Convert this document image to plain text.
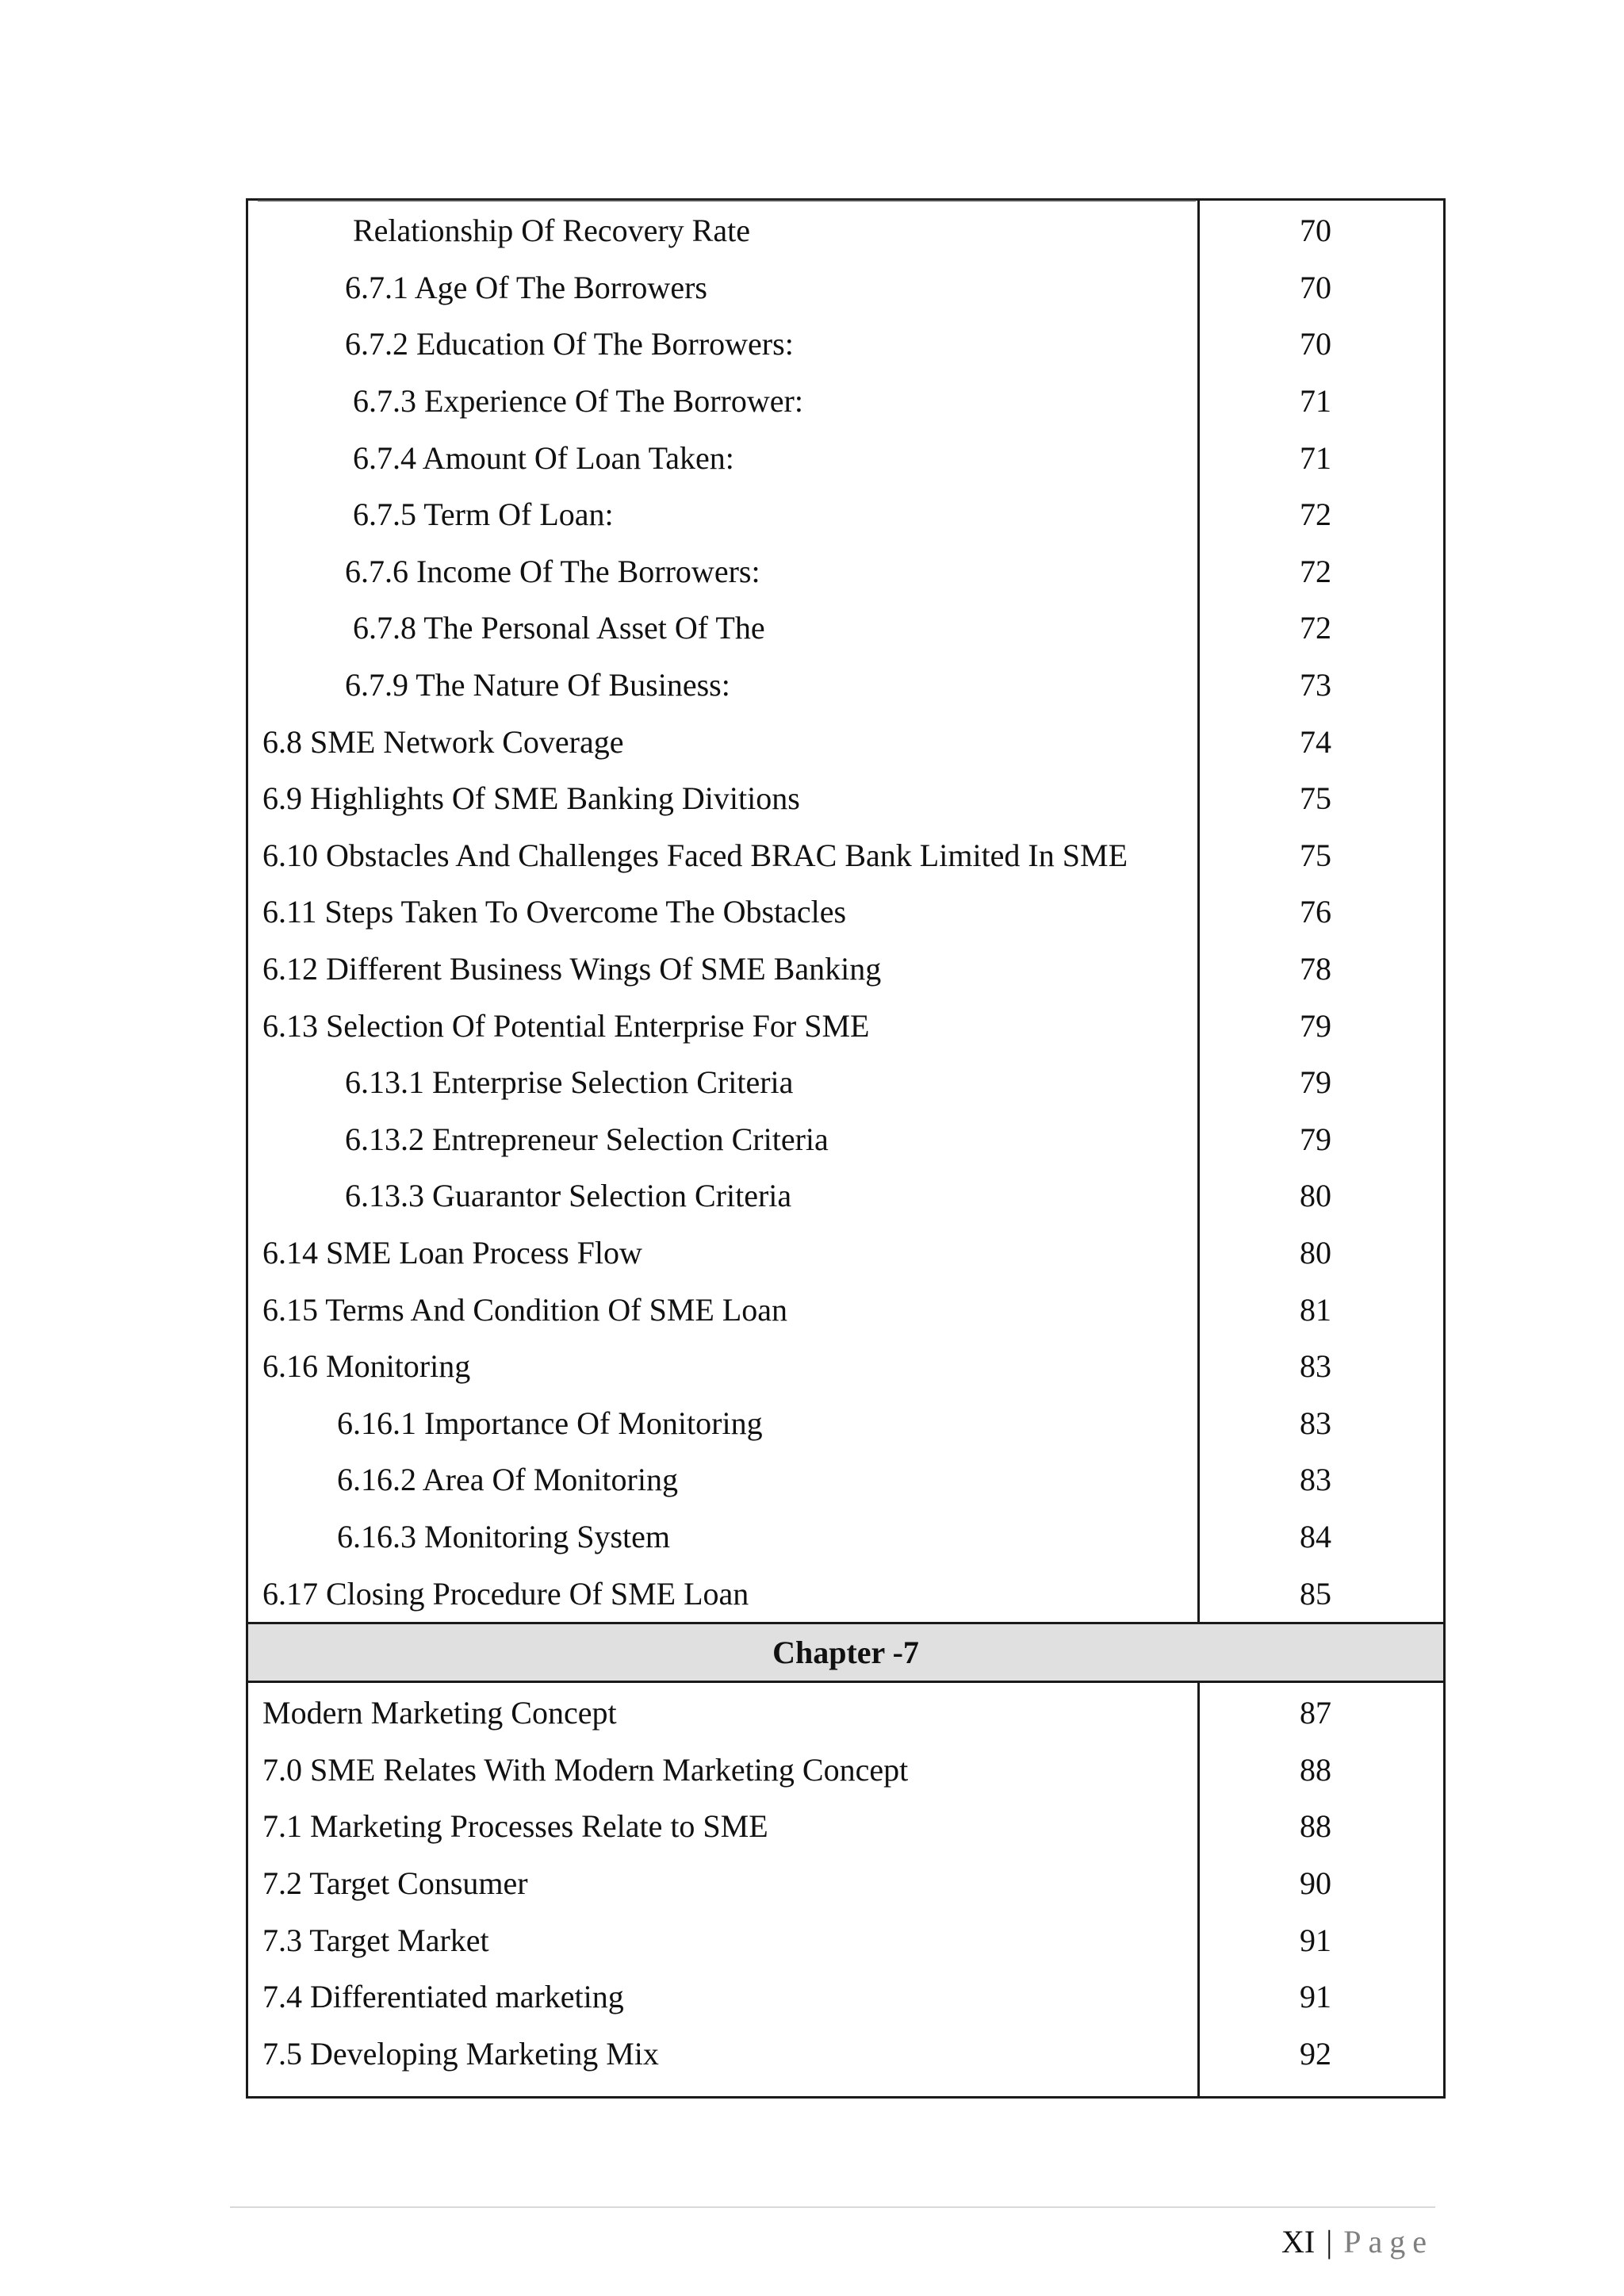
Relationship Of Recovery Rate	70
6.7.1 Age Of The Borrowers	70
6.7.2 Education Of The Borrowers:	70
6.7.3 Experience Of The Borrower:	71
6.7.4 Amount Of Loan Taken:	71
6.7.5 Term Of Loan:	72
6.7.6 Income Of The Borrowers:	72
6.7.8 The Personal Asset Of The	72
6.7.9 The Nature Of Business:	73
6.8 SME Network Coverage	74
6.9 Highlights Of SME Banking Divitions	75
6.10 Obstacles And Challenges Faced BRAC Bank Limited In SME	75
6.11 Steps Taken To Overcome The Obstacles	76
6.12 Different Business Wings Of SME Banking	78
6.13 Selection Of Potential Enterprise For SME	79
6.13.1 Enterprise Selection Criteria	79
6.13.2 Entrepreneur Selection Criteria	79
6.13.3 Guarantor Selection Criteria	80
6.14 SME Loan Process Flow	80
6.15 Terms And Condition Of SME Loan	81
6.16 Monitoring	83
6.16.1 Importance Of Monitoring	83
6.16.2 Area Of Monitoring	83
6.16.3 Monitoring System	84
6.17 Closing Procedure Of SME Loan	85
Chapter -7
Modern Marketing Concept	87
7.0 SME Relates With Modern Marketing Concept	88
7.1 Marketing Processes Relate to SME	88
7.2 Target Consumer	90
7.3 Target Market	91
7.4 Differentiated marketing	91
7.5 Developing Marketing Mix	92
XI | Page
